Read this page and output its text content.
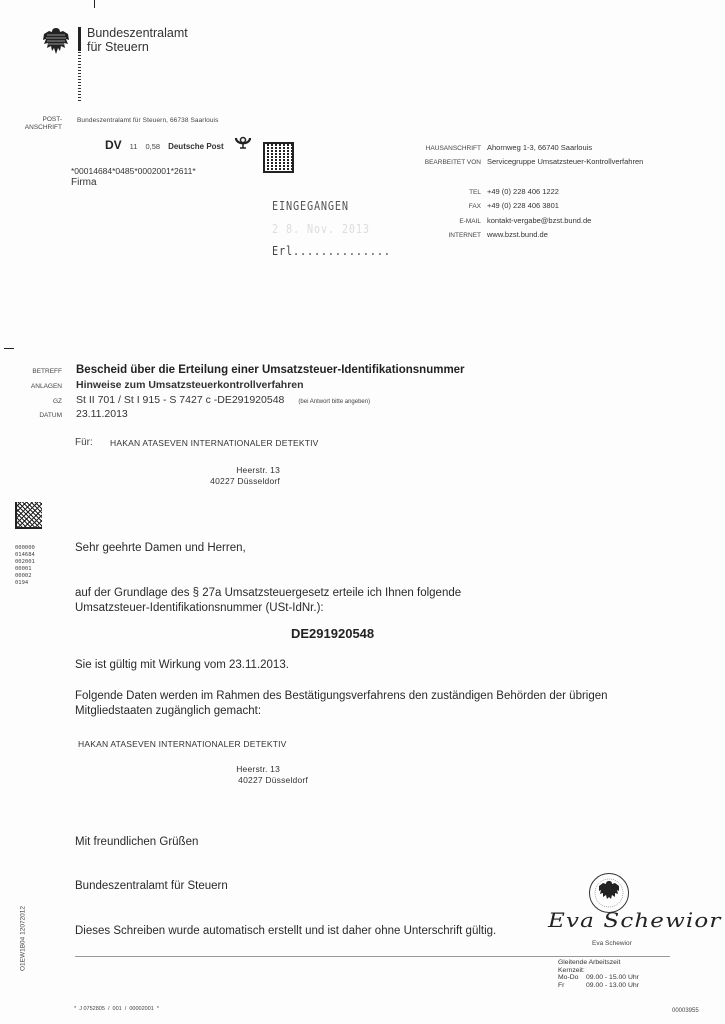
Bundeszentralamt
für Steuern
POST-
ANSCHRIFT
Bundeszentralamt für Steuern, 66738 Saarlouis
DV 11 0,58 Deutsche Post
*00014684*0485*0002001*2611*
Firma
HAUSANSCHRIFT Ahornweg 1-3, 66740 Saarlouis
BEARBEITET VON Servicegruppe Umsatzsteuer-Kontrollverfahren
TEL +49 (0) 228 406 1222
FAX +49 (0) 228 406 3801
E-MAIL kontakt-vergabe@bzst.bund.de
INTERNET www.bzst.bund.de
EINGEGANGEN
2 8. Nov. 2013
Erl..............
BETREFF Bescheid über die Erteilung einer Umsatzsteuer-Identifikationsnummer
ANLAGEN Hinweise zum Umsatzsteuerkontrollverfahren
GZ St II 701 / St I 915 - S 7427 c -DE291920548 (bei Antwort bitte angeben)
DATUM 23.11.2013
Für: HAKAN ATASEVEN INTERNATIONALER DETEKTIV
Heerstr. 13
40227 Düsseldorf
000000
014684
002001
00001
00002
0194
Sehr geehrte Damen und Herren,
auf der Grundlage des § 27a Umsatzsteuergesetz erteile ich Ihnen folgende
Umsatzsteuer-Identifikationsnummer (USt-IdNr.):
DE291920548
Sie ist gültig mit Wirkung vom 23.11.2013.
Folgende Daten werden im Rahmen des Bestätigungsverfahrens den zuständigen Behörden der übrigen
Mitgliedstaaten zugänglich gemacht:
HAKAN ATASEVEN INTERNATIONALER DETEKTIV
Heerstr. 13
40227 Düsseldorf
Mit freundlichen Grüßen
Bundeszentralamt für Steuern
Dieses Schreiben wurde automatisch erstellt und ist daher ohne Unterschrift gültig.	Eva Schewior
Eva Schewior
Gleitende Arbeitszeit
Kernzeit:
Mo-Do	09.00 - 15.00 Uhr
Fr	09.00 - 13.00 Uhr
O1EW1B04 12072012
*  J 0752805  /  001  /  00002001  *	00003955
